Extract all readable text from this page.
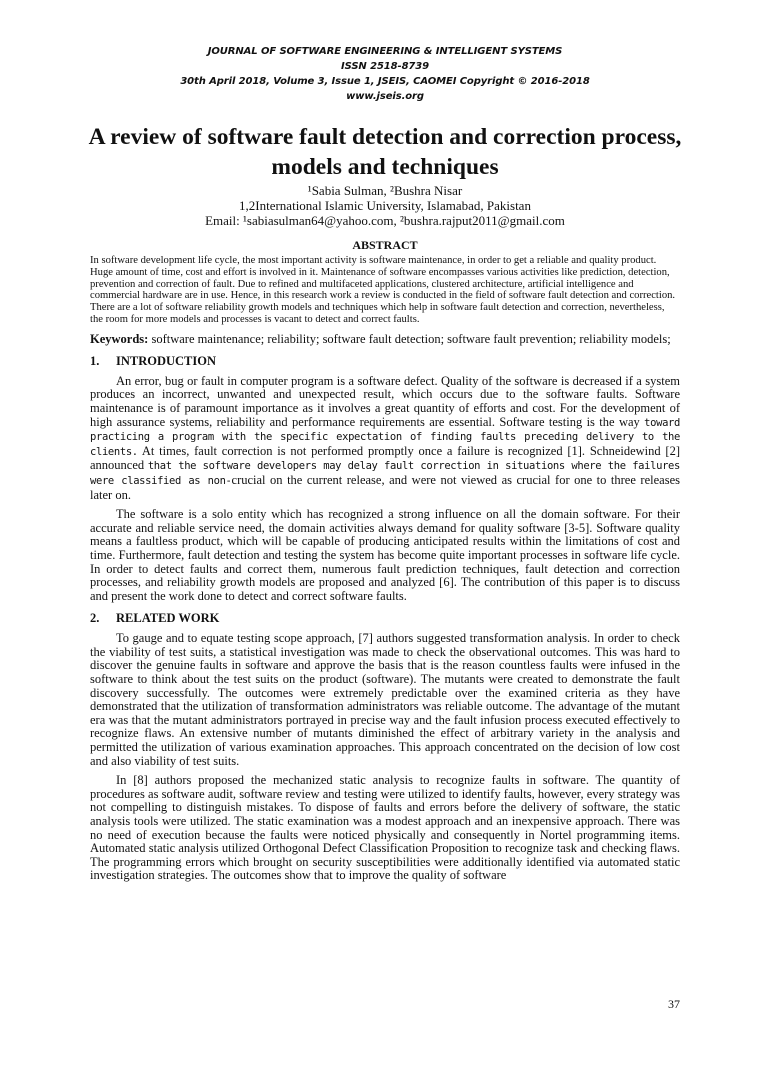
JOURNAL OF SOFTWARE ENGINEERING & INTELLIGENT SYSTEMS
ISSN 2518-8739
30th April 2018, Volume 3, Issue 1, JSEIS, CAOMEI Copyright © 2016-2018
www.jseis.org
A review of software fault detection and correction process, models and techniques
¹Sabia Sulman, ²Bushra Nisar
1,2International Islamic University, Islamabad, Pakistan
Email: ¹sabiasulman64@yahoo.com, ²bushra.rajput2011@gmail.com
ABSTRACT
In software development life cycle, the most important activity is software maintenance, in order to get a reliable and quality product. Huge amount of time, cost and effort is involved in it. Maintenance of software encompasses various activities like prediction, detection, prevention and correction of fault. Due to refined and multifaceted applications, clustered architecture, artificial intelligence and commercial hardware are in use. Hence, in this research work a review is conducted in the field of software fault detection and correction. There are a lot of software reliability growth models and techniques which help in software fault detection and correction, nevertheless, the room for more models and processes is vacant to detect and correct faults.
Keywords: software maintenance; reliability; software fault detection; software fault prevention; reliability models;
1. INTRODUCTION

An error, bug or fault in computer program is a software defect. Quality of the software is decreased if a system produces an incorrect, unwanted and unexpected result, which occurs due to the software faults. Software maintenance is of paramount importance as it involves a great quantity of efforts and cost. For the development of high assurance systems, reliability and performance requirements are essential. Software testing is the way toward practicing a program with the specific expectation of finding faults preceding delivery to the clients. At times, fault correction is not performed promptly once a failure is recognized [1]. Schneidewind [2] announced that the software developers may delay fault correction in situations where the failures were classified as non-crucial on the current release, and were not viewed as crucial for one to three releases later on.

The software is a solo entity which has recognized a strong influence on all the domain software. For their accurate and reliable service need, the domain activities always demand for quality software [3-5]. Software quality means a faultless product, which will be capable of producing anticipated results within the limitations of cost and time. Furthermore, fault detection and testing the system has become quite important processes in software life cycle. In order to detect faults and correct them, numerous fault prediction techniques, fault detection and correction processes, and reliability growth models are proposed and analyzed [6]. The contribution of this paper is to discuss and present the work done to detect and correct software faults.

2. RELATED WORK

To gauge and to equate testing scope approach, [7] authors suggested transformation analysis. In order to check the viability of test suits, a statistical investigation was made to check the observational outcomes. This was hard to discover the genuine faults in software and approve the basis that is the reason countless faults were infused in the software to think about the test suits on the product (software). The mutants were created to demonstrate the fault discovery successfully. The outcomes were extremely predictable over the examined criteria as they have demonstrated that the utilization of transformation administrators was reliable outcome. The advantage of the mutant era was that the mutant administrators portrayed in precise way and the fault infusion process executed effectively to recognize flaws. An extensive number of mutants diminished the effect of arbitrary variety in the analysis and permitted the utilization of various examination approaches. This approach concentrated on the decision of low cost and also viability of test suits.

In [8] authors proposed the mechanized static analysis to recognize faults in software. The quantity of procedures as software audit, software review and testing were utilized to identify faults, however, every strategy was not compelling to distinguish mistakes. To dispose of faults and errors before the delivery of software, the static analysis tools were utilized. The static examination was a modest approach and an inexpensive approach. There was no need of execution because the faults were noticed physically and consequently in Nortel programming items. Automated static analysis utilized Orthogonal Defect Classification Proposition to recognize task and checking flaws. The programming errors which brought on security susceptibilities were additionally identified via automated static investigation strategies. The outcomes show that to improve the quality of software

37
